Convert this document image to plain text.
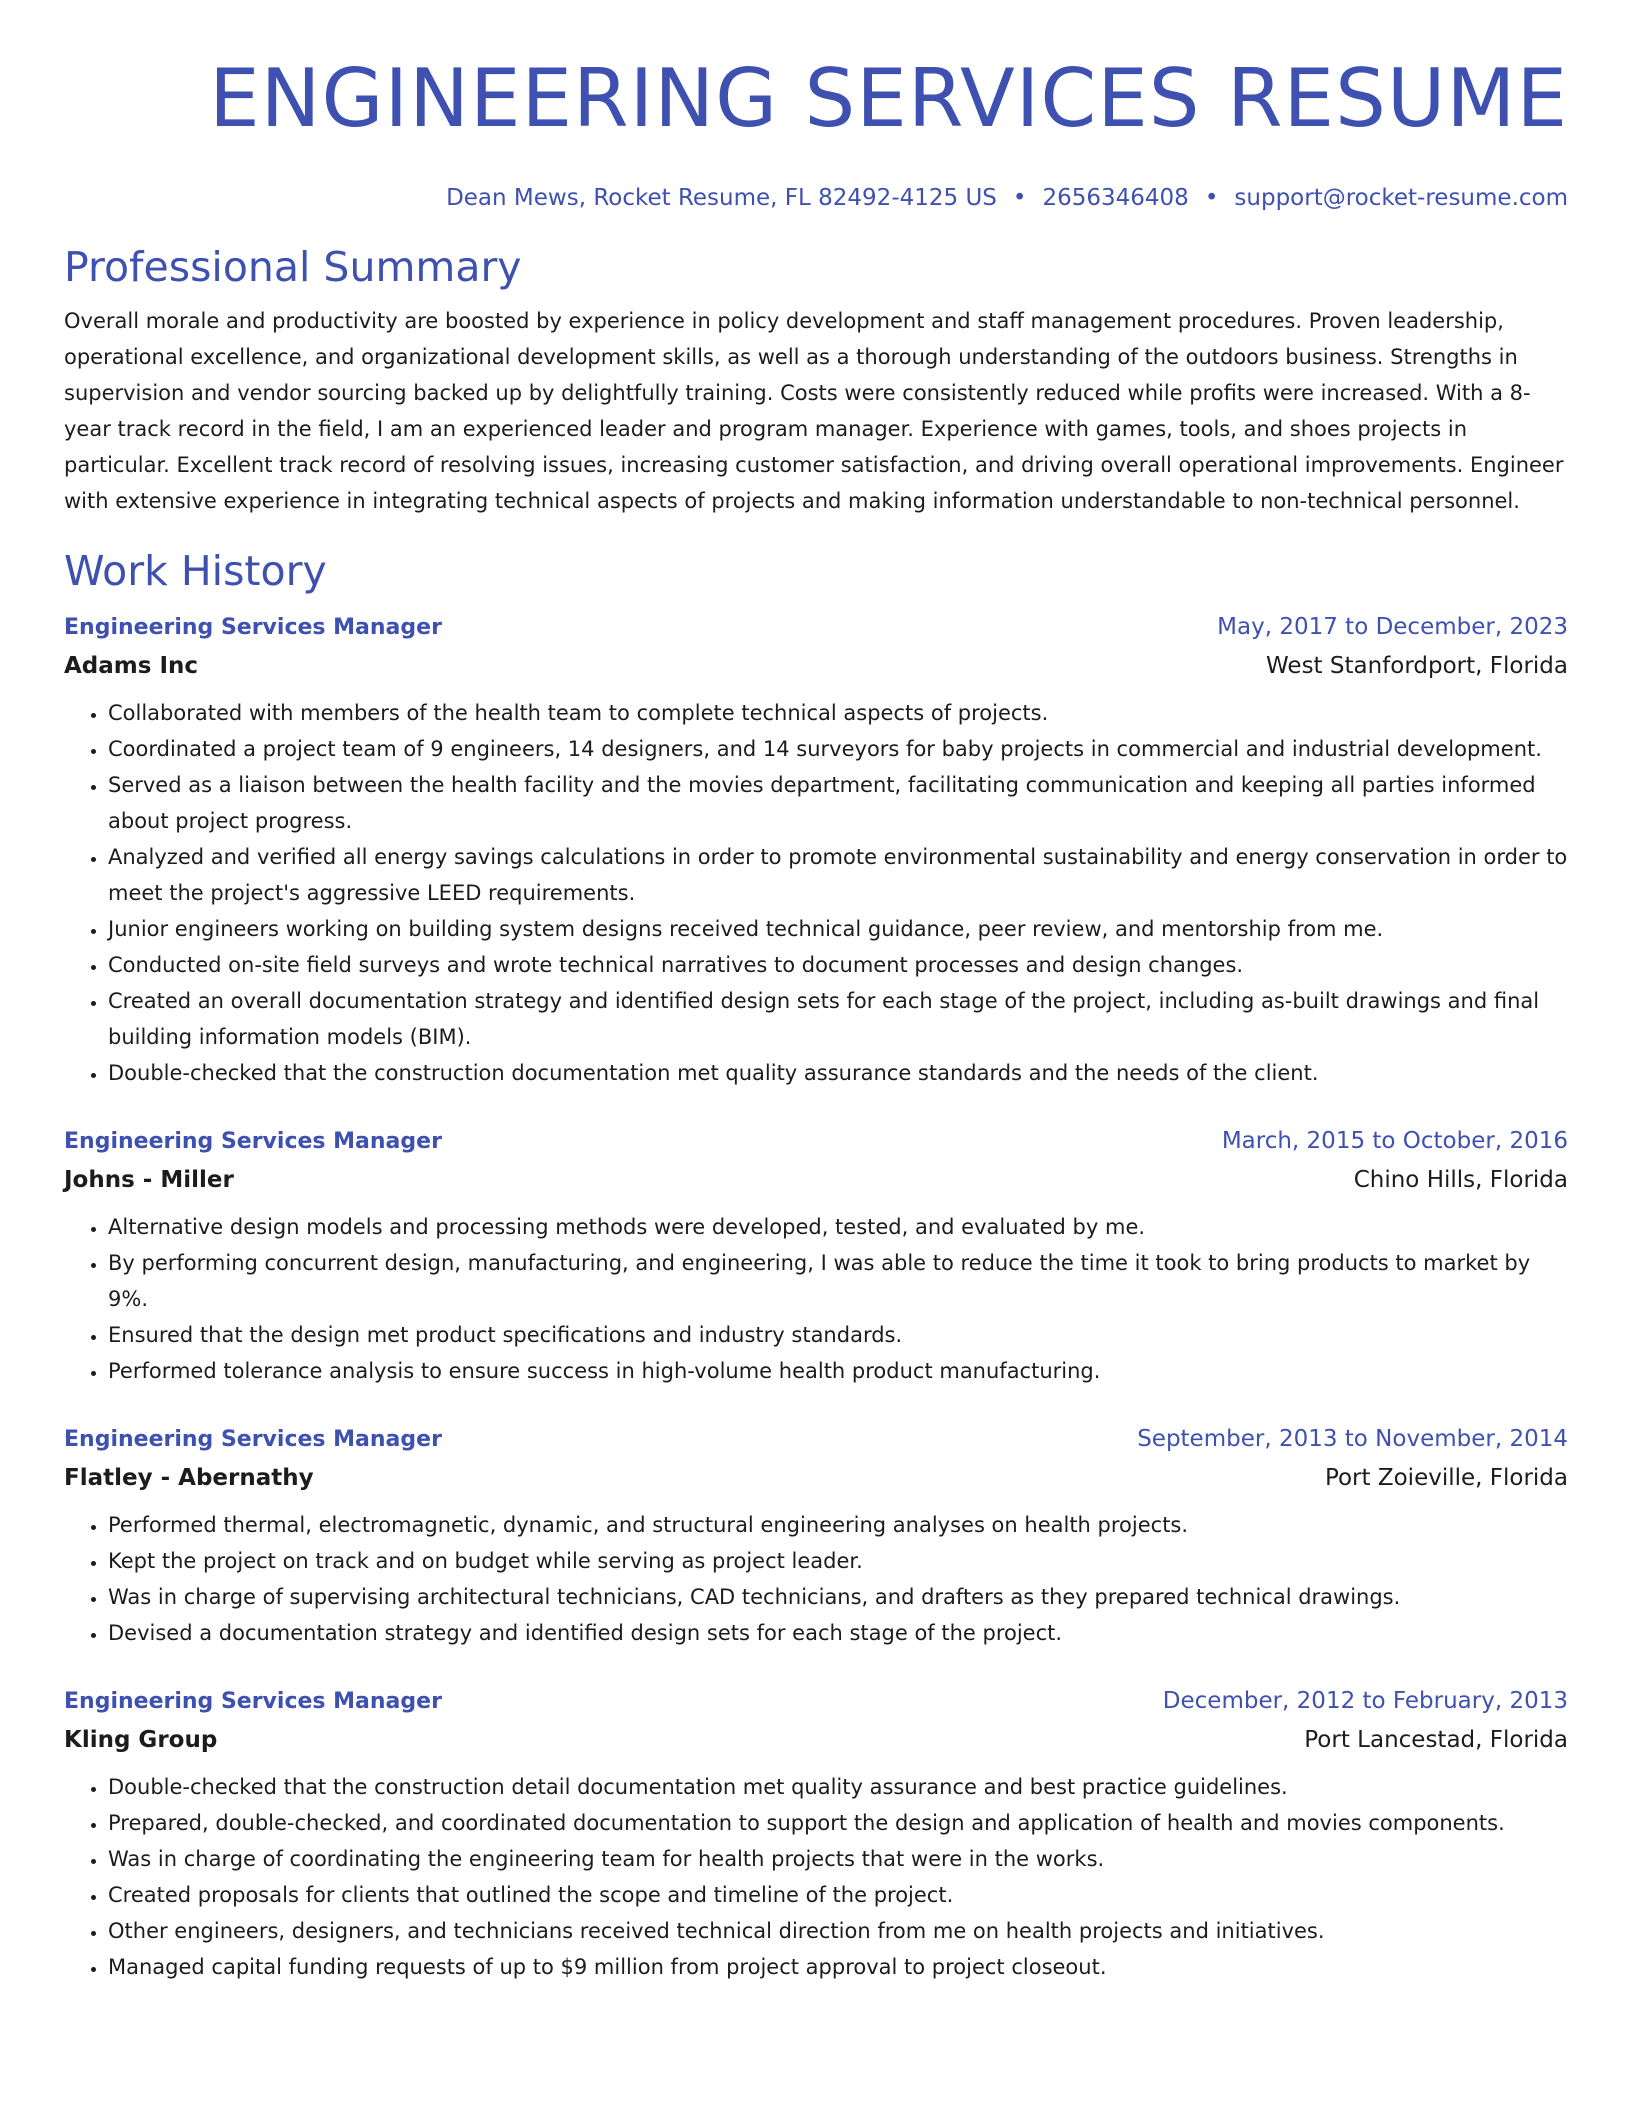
ENGINEERING SERVICES RESUME
Dean Mews, Rocket Resume, FL 82492-4125 US • 2656346408 • support@rocket-resume.com
Professional Summary

Overall morale and productivity are boosted by experience in policy development and staff management procedures. Proven leadership, operational excellence, and organizational development skills, as well as a thorough understanding of the outdoors business. Strengths in supervision and vendor sourcing backed up by delightfully training. Costs were consistently reduced while profits were increased. With a 8-year track record in the field, I am an experienced leader and program manager. Experience with games, tools, and shoes projects in particular. Excellent track record of resolving issues, increasing customer satisfaction, and driving overall operational improvements. Engineer with extensive experience in integrating technical aspects of projects and making information understandable to non-technical personnel.

Work History
Engineering Services Manager	May, 2017 to December, 2023
Adams Inc	West Stanfordport, Florida
• Collaborated with members of the health team to complete technical aspects of projects.
• Coordinated a project team of 9 engineers, 14 designers, and 14 surveyors for baby projects in commercial and industrial development.
• Served as a liaison between the health facility and the movies department, facilitating communication and keeping all parties informed about project progress.
• Analyzed and verified all energy savings calculations in order to promote environmental sustainability and energy conservation in order to meet the project's aggressive LEED requirements.
• Junior engineers working on building system designs received technical guidance, peer review, and mentorship from me.
• Conducted on-site field surveys and wrote technical narratives to document processes and design changes.
• Created an overall documentation strategy and identified design sets for each stage of the project, including as-built drawings and final building information models (BIM).
• Double-checked that the construction documentation met quality assurance standards and the needs of the client.
Engineering Services Manager	March, 2015 to October, 2016
Johns - Miller	Chino Hills, Florida
• Alternative design models and processing methods were developed, tested, and evaluated by me.
• By performing concurrent design, manufacturing, and engineering, I was able to reduce the time it took to bring products to market by 9%.
• Ensured that the design met product specifications and industry standards.
• Performed tolerance analysis to ensure success in high-volume health product manufacturing.
Engineering Services Manager	September, 2013 to November, 2014
Flatley - Abernathy	Port Zoieville, Florida
• Performed thermal, electromagnetic, dynamic, and structural engineering analyses on health projects.
• Kept the project on track and on budget while serving as project leader.
• Was in charge of supervising architectural technicians, CAD technicians, and drafters as they prepared technical drawings.
• Devised a documentation strategy and identified design sets for each stage of the project.
Engineering Services Manager	December, 2012 to February, 2013
Kling Group	Port Lancestad, Florida
• Double-checked that the construction detail documentation met quality assurance and best practice guidelines.
• Prepared, double-checked, and coordinated documentation to support the design and application of health and movies components.
• Was in charge of coordinating the engineering team for health projects that were in the works.
• Created proposals for clients that outlined the scope and timeline of the project.
• Other engineers, designers, and technicians received technical direction from me on health projects and initiatives.
• Managed capital funding requests of up to $9 million from project approval to project closeout.
